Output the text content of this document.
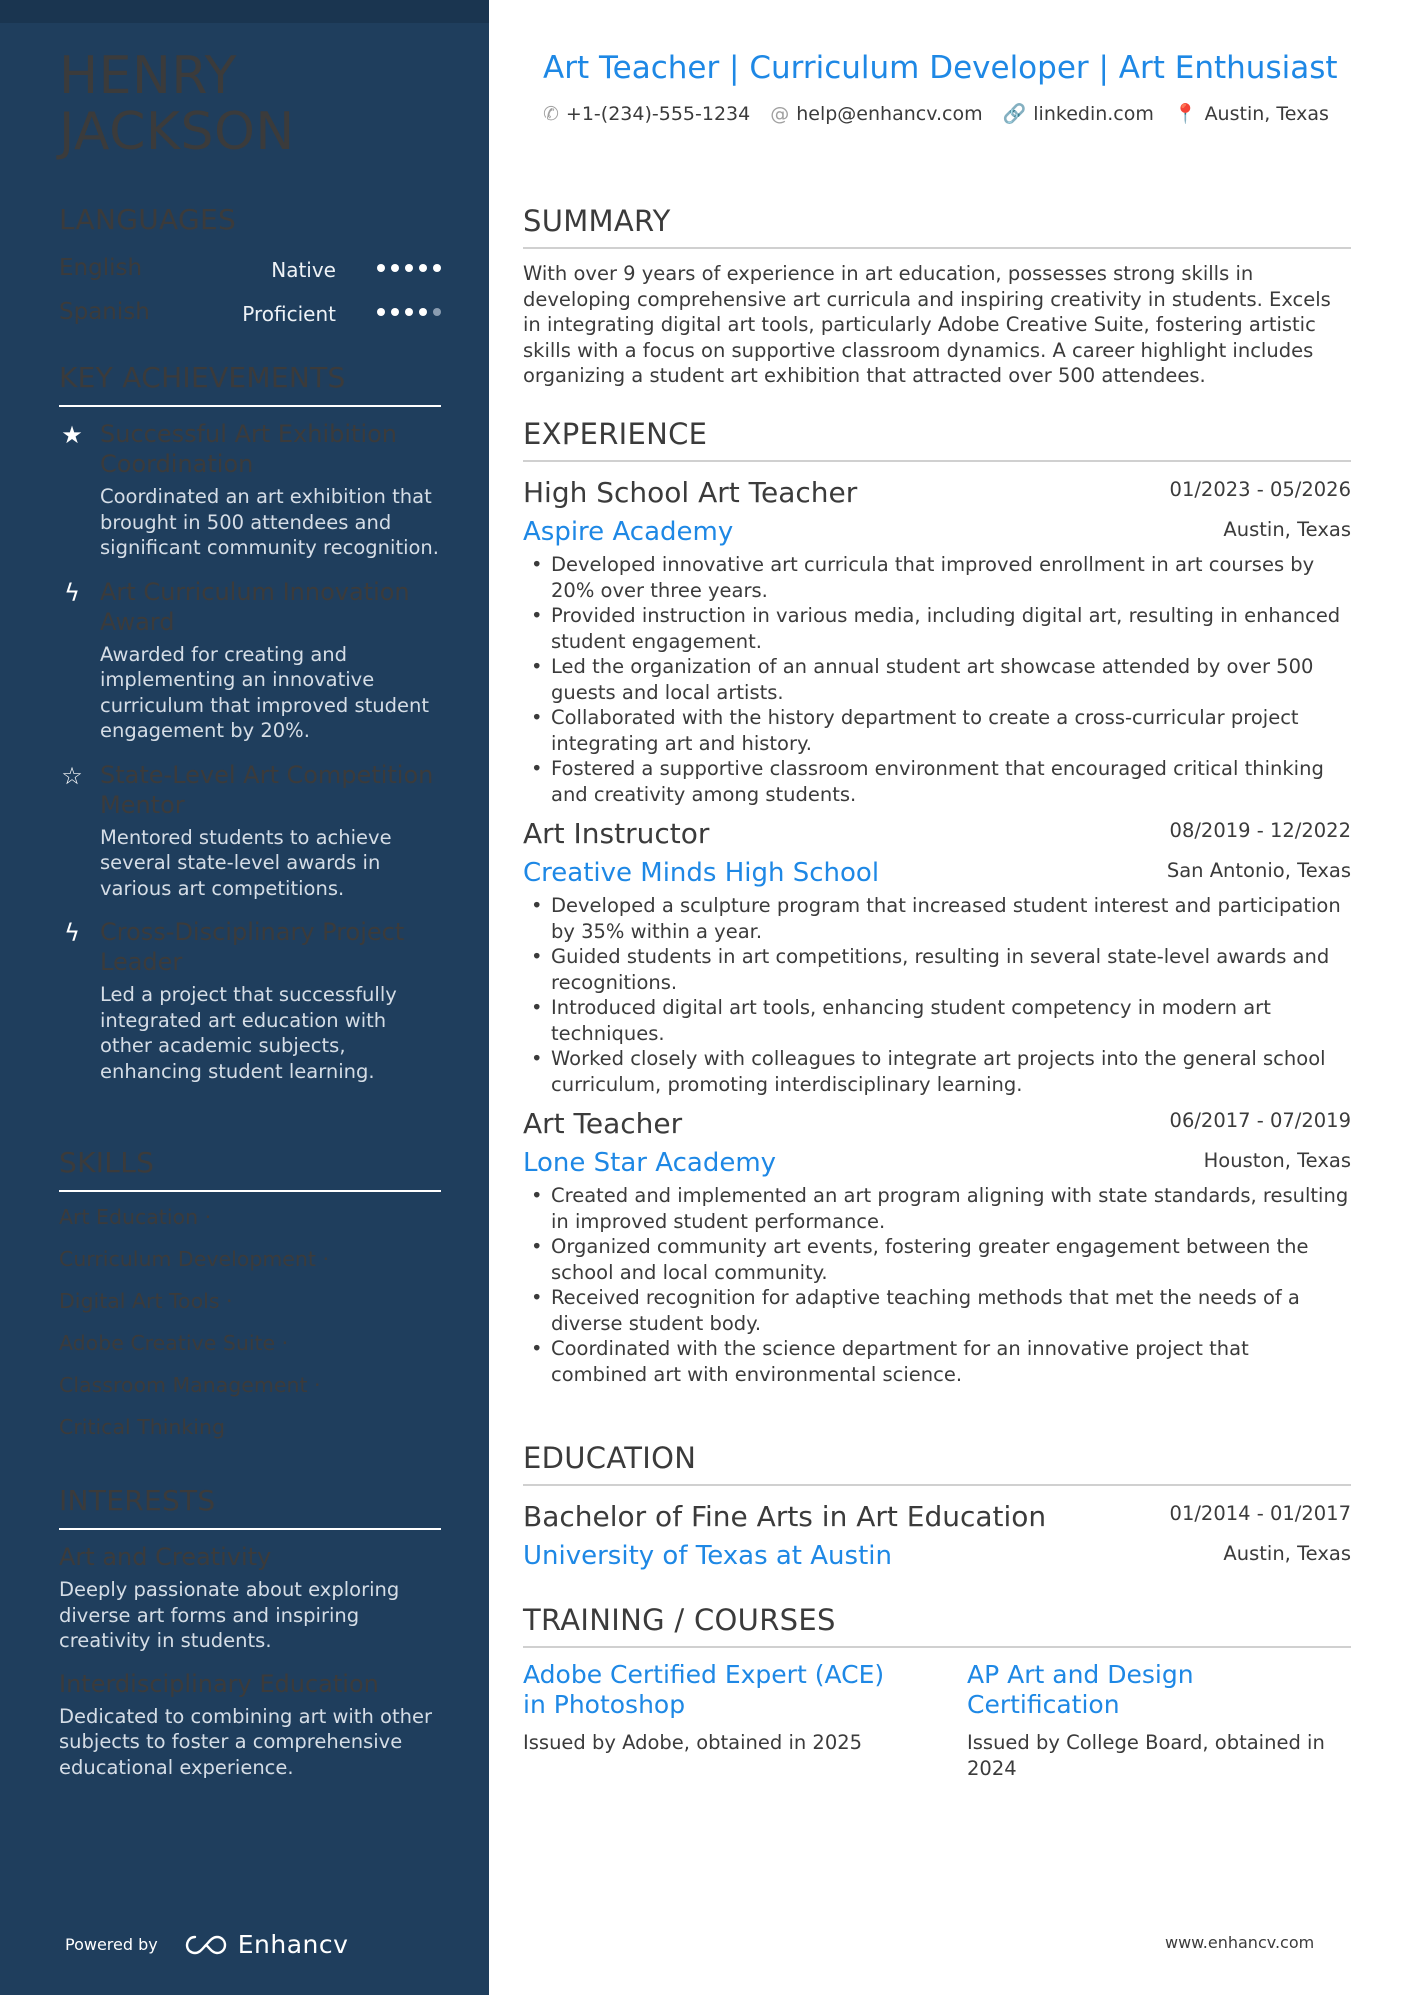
HENRY
JACKSON
LANGUAGES
English	Native
Spanish	Proficient
KEY ACHIEVEMENTS
★ Successful Art Exhibition Coordination
Coordinated an art exhibition that brought in 500 attendees and significant community recognition.
ϟ Art Curriculum Innovation Award
Awarded for creating and implementing an innovative curriculum that improved student engagement by 20%.
☆ State-Level Art Competition Mentor
Mentored students to achieve several state-level awards in various art competitions.
ϟ Cross-Disciplinary Project Leader
Led a project that successfully integrated art education with other academic subjects, enhancing student learning.
SKILLS
Art Education ·
Curriculum Development ·
Digital Art Tools ·
Adobe Creative Suite ·
Classroom Management ·
Critical Thinking
INTERESTS
Art and Creativity
Deeply passionate about exploring diverse art forms and inspiring creativity in students.
Interdisciplinary Education
Dedicated to combining art with other subjects to foster a comprehensive educational experience.
Powered by	Enhancv
Art Teacher | Curriculum Developer | Art Enthusiast
✆ +1-(234)-555-1234 @ help@enhancv.com 🔗 linkedin.com 📍 Austin, Texas
SUMMARY
With over 9 years of experience in art education, possesses strong skills in developing comprehensive art curricula and inspiring creativity in students. Excels in integrating digital art tools, particularly Adobe Creative Suite, fostering artistic skills with a focus on supportive classroom dynamics. A career highlight includes organizing a student art exhibition that attracted over 500 attendees.
EXPERIENCE
High School Art Teacher	01/2023 - 05/2026
Aspire Academy	Austin, Texas
• Developed innovative art curricula that improved enrollment in art courses by 20% over three years.
• Provided instruction in various media, including digital art, resulting in enhanced student engagement.
• Led the organization of an annual student art showcase attended by over 500 guests and local artists.
• Collaborated with the history department to create a cross-curricular project integrating art and history.
• Fostered a supportive classroom environment that encouraged critical thinking and creativity among students.
Art Instructor	08/2019 - 12/2022
Creative Minds High School	San Antonio, Texas
• Developed a sculpture program that increased student interest and participation by 35% within a year.
• Guided students in art competitions, resulting in several state-level awards and recognitions.
• Introduced digital art tools, enhancing student competency in modern art techniques.
• Worked closely with colleagues to integrate art projects into the general school curriculum, promoting interdisciplinary learning.
Art Teacher	06/2017 - 07/2019
Lone Star Academy	Houston, Texas
• Created and implemented an art program aligning with state standards, resulting in improved student performance.
• Organized community art events, fostering greater engagement between the school and local community.
• Received recognition for adaptive teaching methods that met the needs of a diverse student body.
• Coordinated with the science department for an innovative project that combined art with environmental science.
EDUCATION
Bachelor of Fine Arts in Art Education	01/2014 - 01/2017
University of Texas at Austin	Austin, Texas
TRAINING / COURSES
Adobe Certified Expert (ACE) in Photoshop
Issued by Adobe, obtained in 2025
AP Art and Design Certification
Issued by College Board, obtained in 2024
www.enhancv.com
